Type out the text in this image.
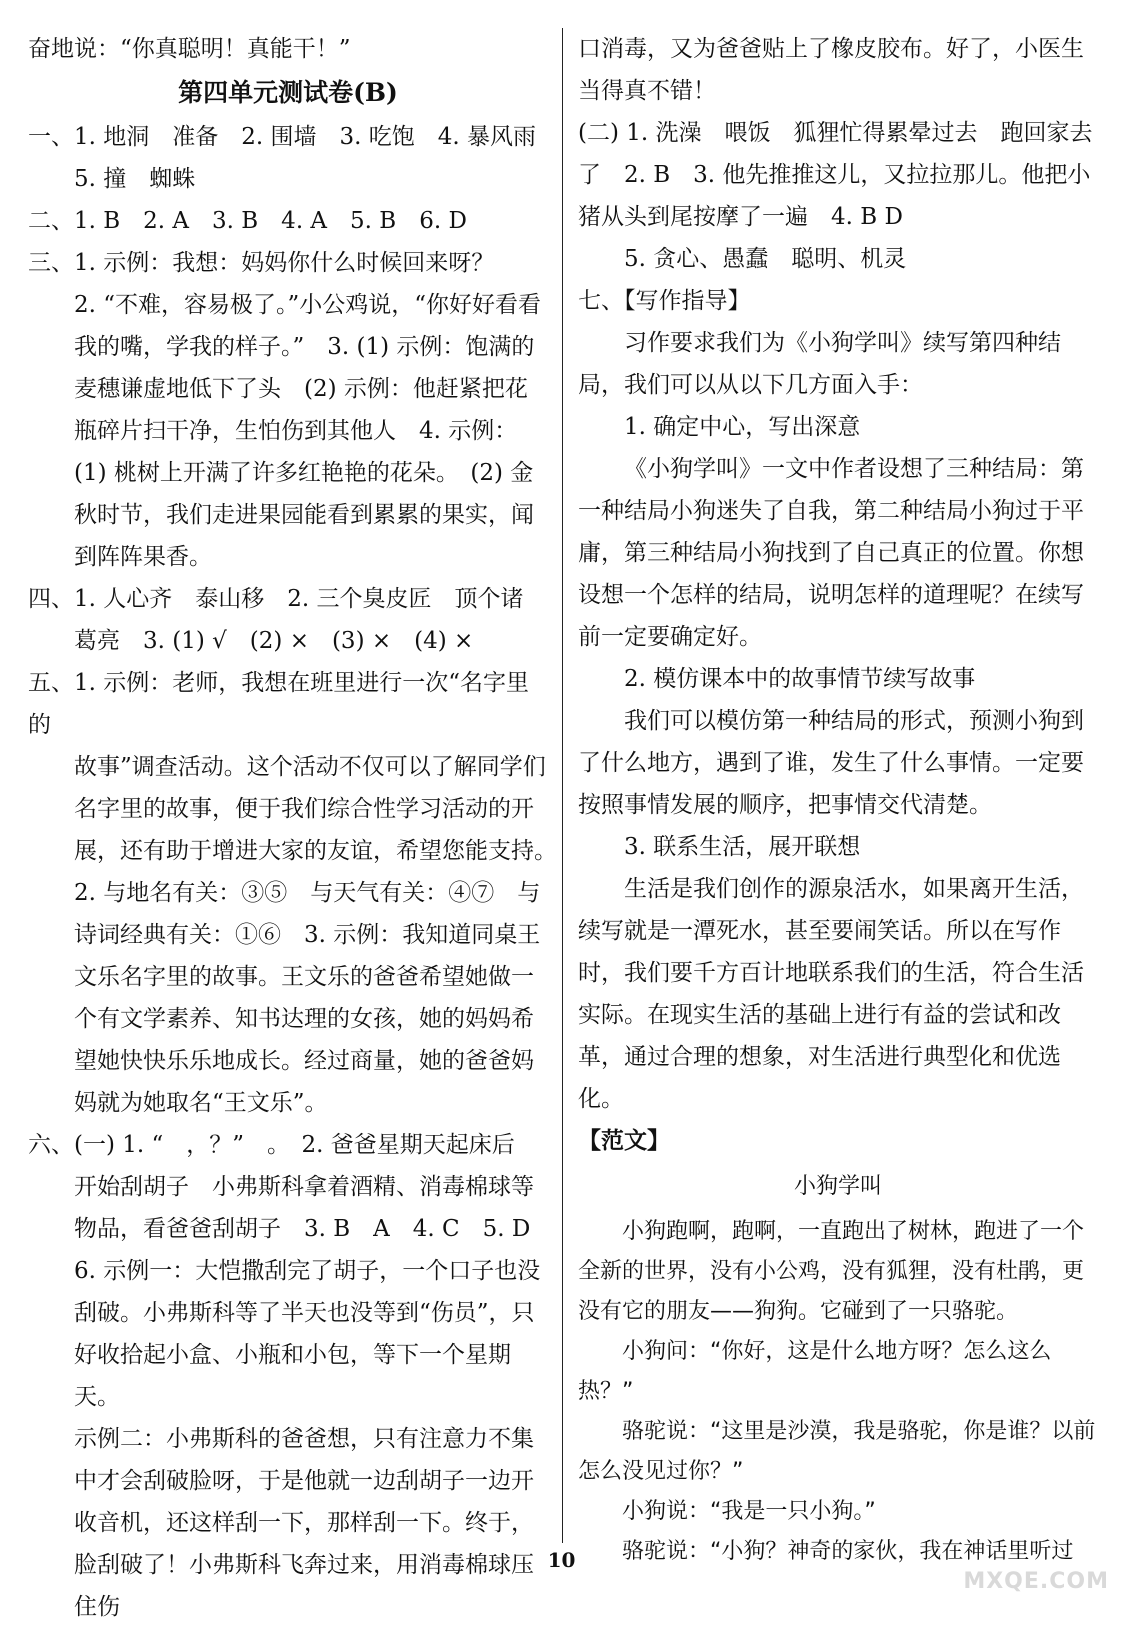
奋地说：“你真聪明！真能干！”

第四单元测试卷(B)

一、1. 地洞　准备　2. 围墙　3. 吃饱　4. 暴风雨

5. 撞　蜘蛛

二、1. B　2. A　3. B　4. A　5. B　6. D

三、1. 示例：我想：妈妈你什么时候回来呀？

2. “不难，容易极了。”小公鸡说，“你好好看看我的嘴，学我的样子。”　3. (1) 示例：饱满的麦穗谦虚地低下了头　(2) 示例：他赶紧把花瓶碎片扫干净，生怕伤到其他人　4. 示例：(1) 桃树上开满了许多红艳艳的花朵。　(2) 金秋时节，我们走进果园能看到累累的果实，闻到阵阵果香。

四、1. 人心齐　泰山移　2. 三个臭皮匠　顶个诸

葛亮　3. (1) √　(2) ×　(3) ×　(4) ×

五、1. 示例：老师，我想在班里进行一次“名字里的

故事”调查活动。这个活动不仅可以了解同学们名字里的故事，便于我们综合性学习活动的开展，还有助于增进大家的友谊，希望您能支持。　2. 与地名有关：③⑤　与天气有关：④⑦　与诗词经典有关：①⑥　3. 示例：我知道同桌王文乐名字里的故事。王文乐的爸爸希望她做一个有文学素养、知书达理的女孩，她的妈妈希望她快快乐乐地成长。经过商量，她的爸爸妈妈就为她取名“王文乐”。

六、(一) 1. “　，？”　。　2. 爸爸星期天起床后

开始刮胡子　小弗斯科拿着酒精、消毒棉球等物品，看爸爸刮胡子　3. B　A　4. C　5. D

6. 示例一：大恺撒刮完了胡子，一个口子也没刮破。小弗斯科等了半天也没等到“伤员”，只好收拾起小盒、小瓶和小包，等下一个星期天。

示例二：小弗斯科的爸爸想，只有注意力不集中才会刮破脸呀，于是他就一边刮胡子一边开收音机，还这样刮一下，那样刮一下。终于，脸刮破了！小弗斯科飞奔过来，用消毒棉球压住伤

口消毒，又为爸爸贴上了橡皮胶布。好了，小医生当得真不错！

(二) 1. 洗澡　喂饭　狐狸忙得累晕过去　跑回家去了　2. B　3. 他先推推这儿，又拉拉那儿。他把小猪从头到尾按摩了一遍　4. B D

5. 贪心、愚蠢　聪明、机灵

七、【写作指导】

习作要求我们为《小狗学叫》续写第四种结局，我们可以从以下几方面入手：

1. 确定中心，写出深意

《小狗学叫》一文中作者设想了三种结局：第一种结局小狗迷失了自我，第二种结局小狗过于平庸，第三种结局小狗找到了自己真正的位置。你想设想一个怎样的结局，说明怎样的道理呢？在续写前一定要确定好。

2. 模仿课本中的故事情节续写故事

我们可以模仿第一种结局的形式，预测小狗到了什么地方，遇到了谁，发生了什么事情。一定要按照事情发展的顺序，把事情交代清楚。

3. 联系生活，展开联想

生活是我们创作的源泉活水，如果离开生活，续写就是一潭死水，甚至要闹笑话。所以在写作时，我们要千方百计地联系我们的生活，符合生活实际。在现实生活的基础上进行有益的尝试和改革，通过合理的想象，对生活进行典型化和优选化。

【范文】

小狗学叫

小狗跑啊，跑啊，一直跑出了树林，跑进了一个全新的世界，没有小公鸡，没有狐狸，没有杜鹃，更没有它的朋友——狗狗。它碰到了一只骆驼。

小狗问：“你好，这是什么地方呀？怎么这么热？”

骆驼说：“这里是沙漠，我是骆驼，你是谁？以前怎么没见过你？”

小狗说：“我是一只小狗。”

骆驼说：“小狗？神奇的家伙，我在神话里听过

10
MXQE.COM
